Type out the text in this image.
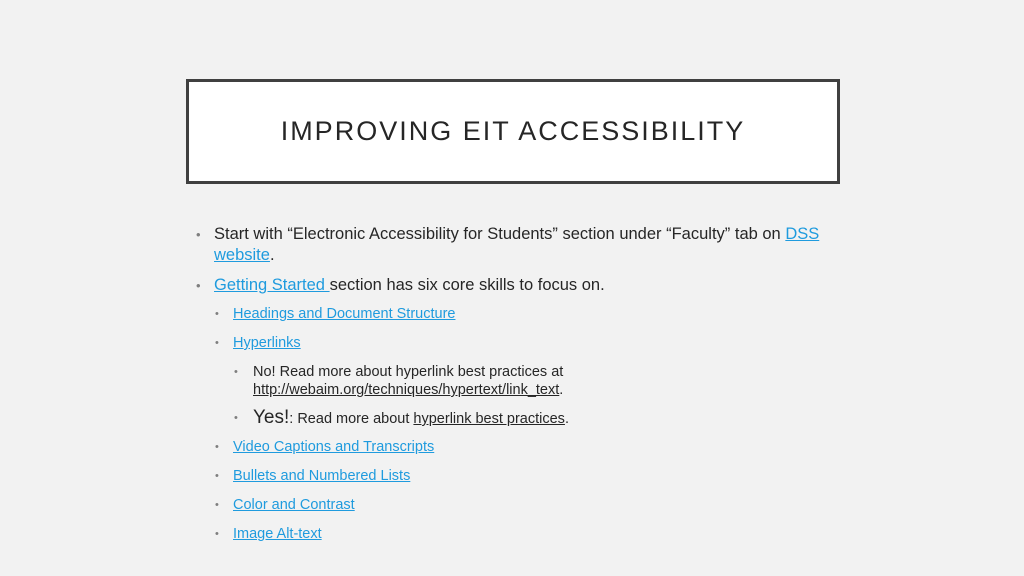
IMPROVING EIT ACCESSIBILITY
• Start with “Electronic Accessibility for Students” section under “Faculty” tab on DSS website.
• Getting Started section has six core skills to focus on.
• Headings and Document Structure
• Hyperlinks
• No! Read more about hyperlink best practices at http://webaim.org/techniques/hypertext/link_text.
• Yes!: Read more about hyperlink best practices.
• Video Captions and Transcripts
• Bullets and Numbered Lists
• Color and Contrast
• Image Alt-text
